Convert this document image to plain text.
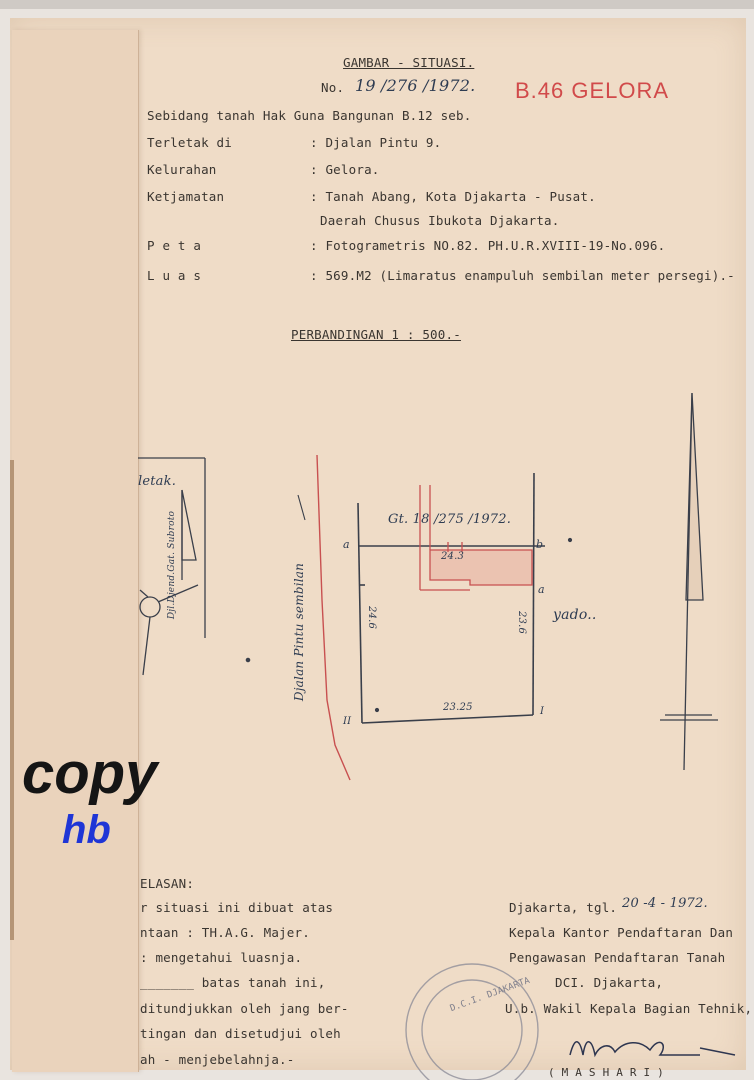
GAMBAR - SITUASI.
No. 19 /276 /1972. B.46 GELORA
Sebidang tanah Hak Guna Bangunan B.12 seb.
Terletak di	: Djalan Pintu 9.
Kelurahan	: Gelora.
Ketjamatan	: Tanah Abang, Kota Djakarta - Pusat.
Daerah Chusus Ibukota Djakarta.
P e t a	: Fotogrametris NO.82. PH.U.R.XVIII-19-No.096.
L u a s	: 569.M2 (Limaratus enampuluh sembilan meter persegi).-
PERBANDINGAN 1 : 500.-
letak.
Djl.Djend.Gat. Subroto	Gt. 18 /275 /1972.
24.3
24.6	23.6
23.25
a	b
a
II
I
Djalan Pintu sembilan	yado..
copy
hb
ELASAN:
r situasi ini dibuat atas
ntaan : TH.A.G. Majer.
: mengetahui luasnja.
_______ batas tanah ini,
ditundjukkan oleh jang ber-
tingan dan disetudjui oleh
ah - menjebelahnja.-
Djakarta, tgl. 20 -4 - 1972.
Kepala Kantor Pendaftaran Dan
Pengawasan Pendaftaran Tanah
DCI. Djakarta,
U.b. Wakil Kepala Bagian Tehnik,
D.C.I. DJAKARTA
( M A S H A R I )
